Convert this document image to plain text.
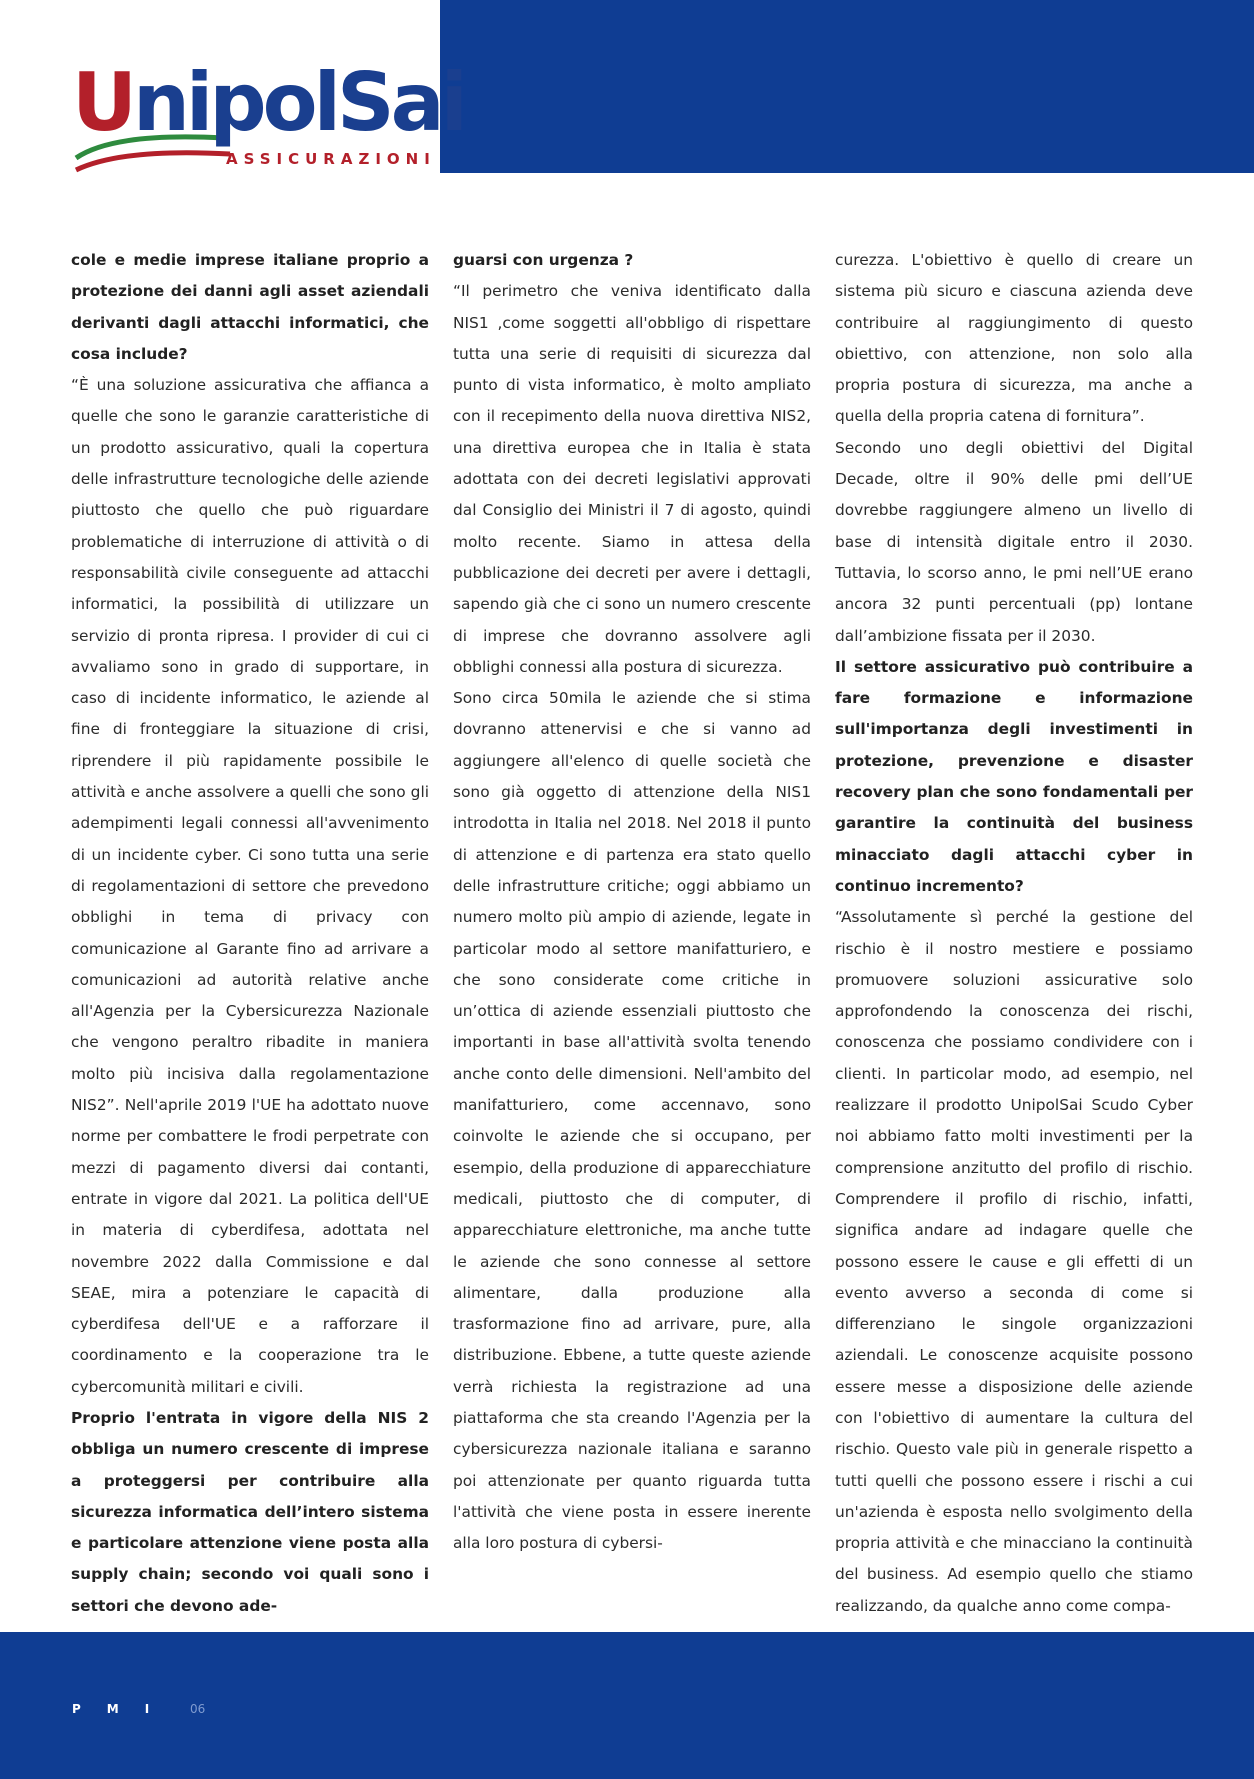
UnipolSai
ASSICURAZIONI

cole e medie imprese italiane proprio a protezione dei danni agli asset aziendali derivanti dagli attacchi informatici, che cosa include?

“È una soluzione assicurativa che affianca a quelle che sono le garanzie caratteristiche di un prodotto assicurativo, quali la copertura delle infrastrutture tecnologiche delle aziende piuttosto che quello che può riguardare problematiche di interruzione di attività o di responsabilità civile conseguente ad attacchi informatici, la possibilità di utilizzare un servizio di pronta ripresa. I provider di cui ci avvaliamo sono in grado di supportare, in caso di incidente informatico, le aziende al fine di fronteggiare la situazione di crisi, riprendere il più rapidamente possibile le attività e anche assolvere a quelli che sono gli adempimenti legali connessi all'avvenimento di un incidente cyber. Ci sono tutta una serie di regolamentazioni di settore che prevedono obblighi in tema di privacy con comunicazione al Garante fino ad arrivare a comunicazioni ad autorità relative anche all'Agenzia per la Cybersicurezza Nazionale che vengono peraltro ribadite in maniera molto più incisiva dalla regolamentazione NIS2”. Nell'aprile 2019 l'UE ha adottato nuove norme per combattere le frodi perpetrate con mezzi di pagamento diversi dai contanti, entrate in vigore dal 2021. La politica dell'UE in materia di cyberdifesa, adottata nel novembre 2022 dalla Commissione e dal SEAE, mira a potenziare le capacità di cyberdifesa dell'UE e a rafforzare il coordinamento e la cooperazione tra le cybercomunità militari e civili.

Proprio l'entrata in vigore della NIS 2 obbliga un numero crescente di imprese a proteggersi per contribuire alla sicurezza informatica dell’intero sistema e particolare attenzione viene posta alla supply chain; secondo voi quali sono i settori che devono ade-

guarsi con urgenza ?

“Il perimetro che veniva identificato dalla NIS1 ,come soggetti all'obbligo di rispettare tutta una serie di requisiti di sicurezza dal punto di vista informatico, è molto ampliato con il recepimento della nuova direttiva NIS2, una direttiva europea che in Italia è stata adottata con dei decreti legislativi approvati dal Consiglio dei Ministri il 7 di agosto, quindi molto recente. Siamo in attesa della pubblicazione dei decreti per avere i dettagli, sapendo già che ci sono un numero crescente di imprese che dovranno assolvere agli obblighi connessi alla postura di sicurezza.

Sono circa 50mila le aziende che si stima dovranno attenervisi e che si vanno ad aggiungere all'elenco di quelle società che sono già oggetto di attenzione della NIS1 introdotta in Italia nel 2018. Nel 2018 il punto di attenzione e di partenza era stato quello delle infrastrutture critiche; oggi abbiamo un numero molto più ampio di aziende, legate in particolar modo al settore manifatturiero, e che sono considerate come critiche in un’ottica di aziende essenziali piuttosto che importanti in base all'attività svolta tenendo anche conto delle dimensioni. Nell'ambito del manifatturiero, come accennavo, sono coinvolte le aziende che si occupano, per esempio, della produzione di apparecchiature medicali, piuttosto che di computer, di apparecchiature elettroniche, ma anche tutte le aziende che sono connesse al settore alimentare, dalla produzione alla trasformazione fino ad arrivare, pure, alla distribuzione. Ebbene, a tutte queste aziende verrà richiesta la registrazione ad una piattaforma che sta creando l'Agenzia per la cybersicurezza nazionale italiana e saranno poi attenzionate per quanto riguarda tutta l'attività che viene posta in essere inerente alla loro postura di cybersi-

curezza. L'obiettivo è quello di creare un sistema più sicuro e ciascuna azienda deve contribuire al raggiungimento di questo obiettivo, con attenzione, non solo alla propria postura di sicurezza, ma anche a quella della propria catena di fornitura”.

Secondo uno degli obiettivi del Digital Decade, oltre il 90% delle pmi dell’UE dovrebbe raggiungere almeno un livello di base di intensità digitale entro il 2030. Tuttavia, lo scorso anno, le pmi nell’UE erano ancora 32 punti percentuali (pp) lontane dall’ambizione fissata per il 2030.

Il settore assicurativo può contribuire a fare formazione e informazione sull'importanza degli investimenti in protezione, prevenzione e disaster recovery plan che sono fondamentali per garantire la continuità del business minacciato dagli attacchi cyber in continuo incremento?

“Assolutamente sì perché la gestione del rischio è il nostro mestiere e possiamo promuovere soluzioni assicurative solo approfondendo la conoscenza dei rischi, conoscenza che possiamo condividere con i clienti. In particolar modo, ad esempio, nel realizzare il prodotto UnipolSai Scudo Cyber noi abbiamo fatto molti investimenti per la comprensione anzitutto del profilo di rischio. Comprendere il profilo di rischio, infatti, significa andare ad indagare quelle che possono essere le cause e gli effetti di un evento avverso a seconda di come si differenziano le singole organizzazioni aziendali. Le conoscenze acquisite possono essere messe a disposizione delle aziende con l'obiettivo di aumentare la cultura del rischio. Questo vale più in generale rispetto a tutti quelli che possono essere i rischi a cui un'azienda è esposta nello svolgimento della propria attività e che minacciano la continuità del business. Ad esempio quello che stiamo realizzando, da qualche anno come compa-

PMI 06
